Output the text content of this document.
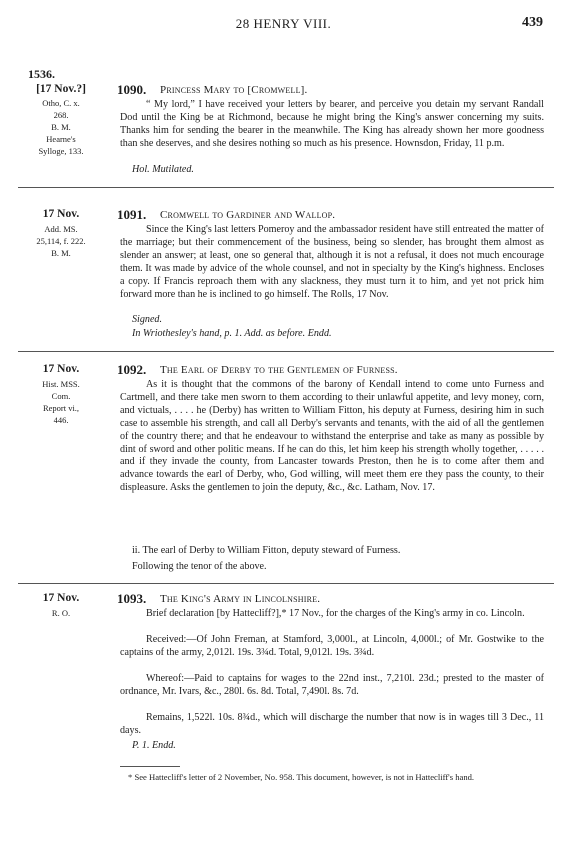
28 HENRY VIII.	439
1536.
[17 Nov.?]
Otho, C. x.
268.
B. M.
Hearne's
Sylloge, 133.
1090. Princess Mary to [Cromwell].

“ My lord,” I have received your letters by bearer, and perceive you detain my servant Randall Dod until the King be at Richmond, because he might bring the King's answer concerning my suits. Thanks him for sending the bearer in the meanwhile. The King has already shown her more goodness than she deserves, and she desires nothing so much as his presence. Hownsdon, Friday, 11 p.m.

Hol. Mutilated.
17 Nov.
Add. MS.
25,114, f. 222.
B. M.
1091. Cromwell to Gardiner and Wallop.

Since the King's last letters Pomeroy and the ambassador resident have still entreated the matter of the marriage; but their commencement of the business, being so slender, has brought them almost as slender an answer; at least, one so general that, although it is not a refusal, it does not much encourage them. It was made by advice of the whole counsel, and not in specialty by the King's highness. Encloses a copy. If Francis reproach them with any slackness, they must turn it to him, and yet not prick him forward more than he is inclined to go himself. The Rolls, 17 Nov.

Signed.
In Wriothesley's hand, p. 1. Add. as before. Endd.
17 Nov.
Hist. MSS.
Com.
Report vi.,
446.
1092. The Earl of Derby to the Gentlemen of Furness.

As it is thought that the commons of the barony of Kendall intend to come unto Furness and Cartmell, and there take men sworn to them according to their unlawful appetite, and levy money, corn, and victuals, . . . . he (Derby) has written to William Fitton, his deputy at Furness, desiring him in such case to assemble his strength, and call all Derby's servants and tenants, with the aid of all the gentlemen of the country there; and that he endeavour to withstand the enterprise and take as many as possible by dint of sword and other politic means. If he can do this, let him keep his strength wholly together, . . . . . and if they invade the county, from Lancaster towards Preston, then he is to come after them and advance towards the earl of Derby, who, God willing, will meet them ere they pass the county, to their displeasure. Asks the gentlemen to join the deputy, &c., &c. Latham, Nov. 17.

ii. The earl of Derby to William Fitton, deputy steward of Furness.
Following the tenor of the above.
17 Nov.
R. O.
1093. The King's Army in Lincolnshire.

Brief declaration [by Hattecliff?],* 17 Nov., for the charges of the King's army in co. Lincoln.

Received:—Of John Freman, at Stamford, 3,000l., at Lincoln, 4,000l.; of Mr. Gostwike to the captains of the army, 2,012l. 19s. 3¾d. Total, 9,012l. 19s. 3¾d.

Whereof:—Paid to captains for wages to the 22nd inst., 7,210l. 23d.; prested to the master of ordnance, Mr. Ivars, &c., 280l. 6s. 8d. Total, 7,490l. 8s. 7d.

Remains, 1,522l. 10s. 8¾d., which will discharge the number that now is in wages till 3 Dec., 11 days.

P. 1. Endd.

* See Hattecliff's letter of 2 November, No. 958. This document, however, is not in Hattecliff's hand.
